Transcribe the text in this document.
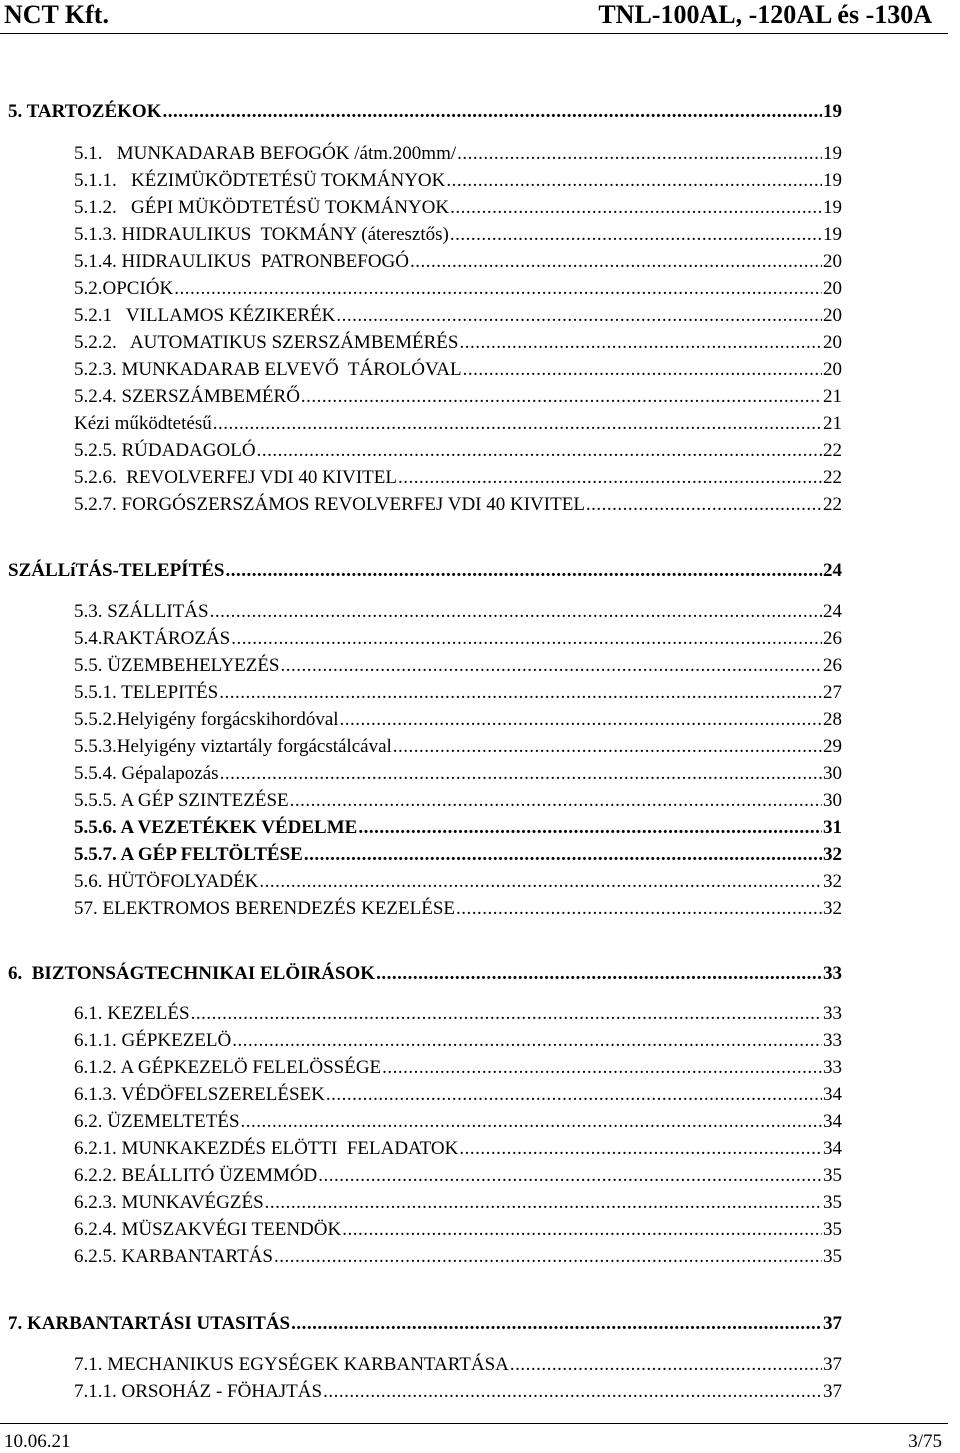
NCT Kft.	TNL-100AL, -120AL és -130A
5. TARTOZÉKOK .....	19
5.1.   MUNKADARAB BEFOGÓK /átm.200mm/ .....	19
5.1.1.   KÉZIMÜKÖDTETÉSÜ TOKMÁNYOK .....	19
5.1.2.   GÉPI MÜKÖDTETÉSÜ TOKMÁNYOK .....	19
5.1.3. HIDRAULIKUS  TOKMÁNY (áteresztős) .....	19
5.1.4. HIDRAULIKUS  PATRONBEFOGÓ .....	20
5.2.OPCIÓK .....	20
5.2.1   VILLAMOS KÉZIKERÉK .....	20
5.2.2.   AUTOMATIKUS SZERSZÁMBEMÉRÉS .....	20
5.2.3. MUNKADARAB ELVEVŐ  TÁROLÓVAL .....	20
5.2.4. SZERSZÁMBEMÉRŐ .....	21
Kézi működtetésű .....	21
5.2.5. RÚDADAGOLÓ .....	22
5.2.6.  REVOLVERFEJ VDI 40 KIVITEL .....	22
5.2.7. FORGÓSZERSZÁMOS REVOLVERFEJ VDI 40 KIVITEL .....	22
SZÁLLíTÁS-TELEPÍTÉS .....	24
5.3. SZÁLLITÁS .....	24
5.4.RAKTÁROZÁS .....	26
5.5. ÜZEMBEHELYEZÉS .....	26
5.5.1. TELEPITÉS .....	27
5.5.2.Helyigény forgácskihordóval .....	28
5.5.3.Helyigény viztartály forgácstálcával .....	29
5.5.4. Gépalapozás .....	30
5.5.5. A GÉP SZINTEZÉSE .....	30
5.5.6. A VEZETÉKEK VÉDELME .....	31
5.5.7. A GÉP FELTÖLTÉSE .....	32
5.6. HÜTÖFOLYADÉK .....	32
57. ELEKTROMOS BERENDEZÉS KEZELÉSE .....	32
6.  BIZTONSÁGTECHNIKAI ELÖIRÁSOK .....	33
6.1. KEZELÉS .....	33
6.1.1. GÉPKEZELÖ .....	33
6.1.2. A GÉPKEZELÖ FELELÖSSÉGE .....	33
6.1.3. VÉDÖFELSZERELÉSEK .....	34
6.2. ÜZEMELTETÉS .....	34
6.2.1. MUNKAKEZDÉS ELÖTTI  FELADATOK .....	34
6.2.2. BEÁLLITÓ ÜZEMMÓD .....	35
6.2.3. MUNKAVÉGZÉS .....	35
6.2.4. MÜSZAKVÉGI TEENDÖK .....	35
6.2.5. KARBANTARTÁS .....	35
7. KARBANTARTÁSI UTASITÁS .....	37
7.1. MECHANIKUS EGYSÉGEK KARBANTARTÁSA .....	37
7.1.1. ORSOHÁZ - FÖHAJTÁS .....	37
10.06.21	3/75
